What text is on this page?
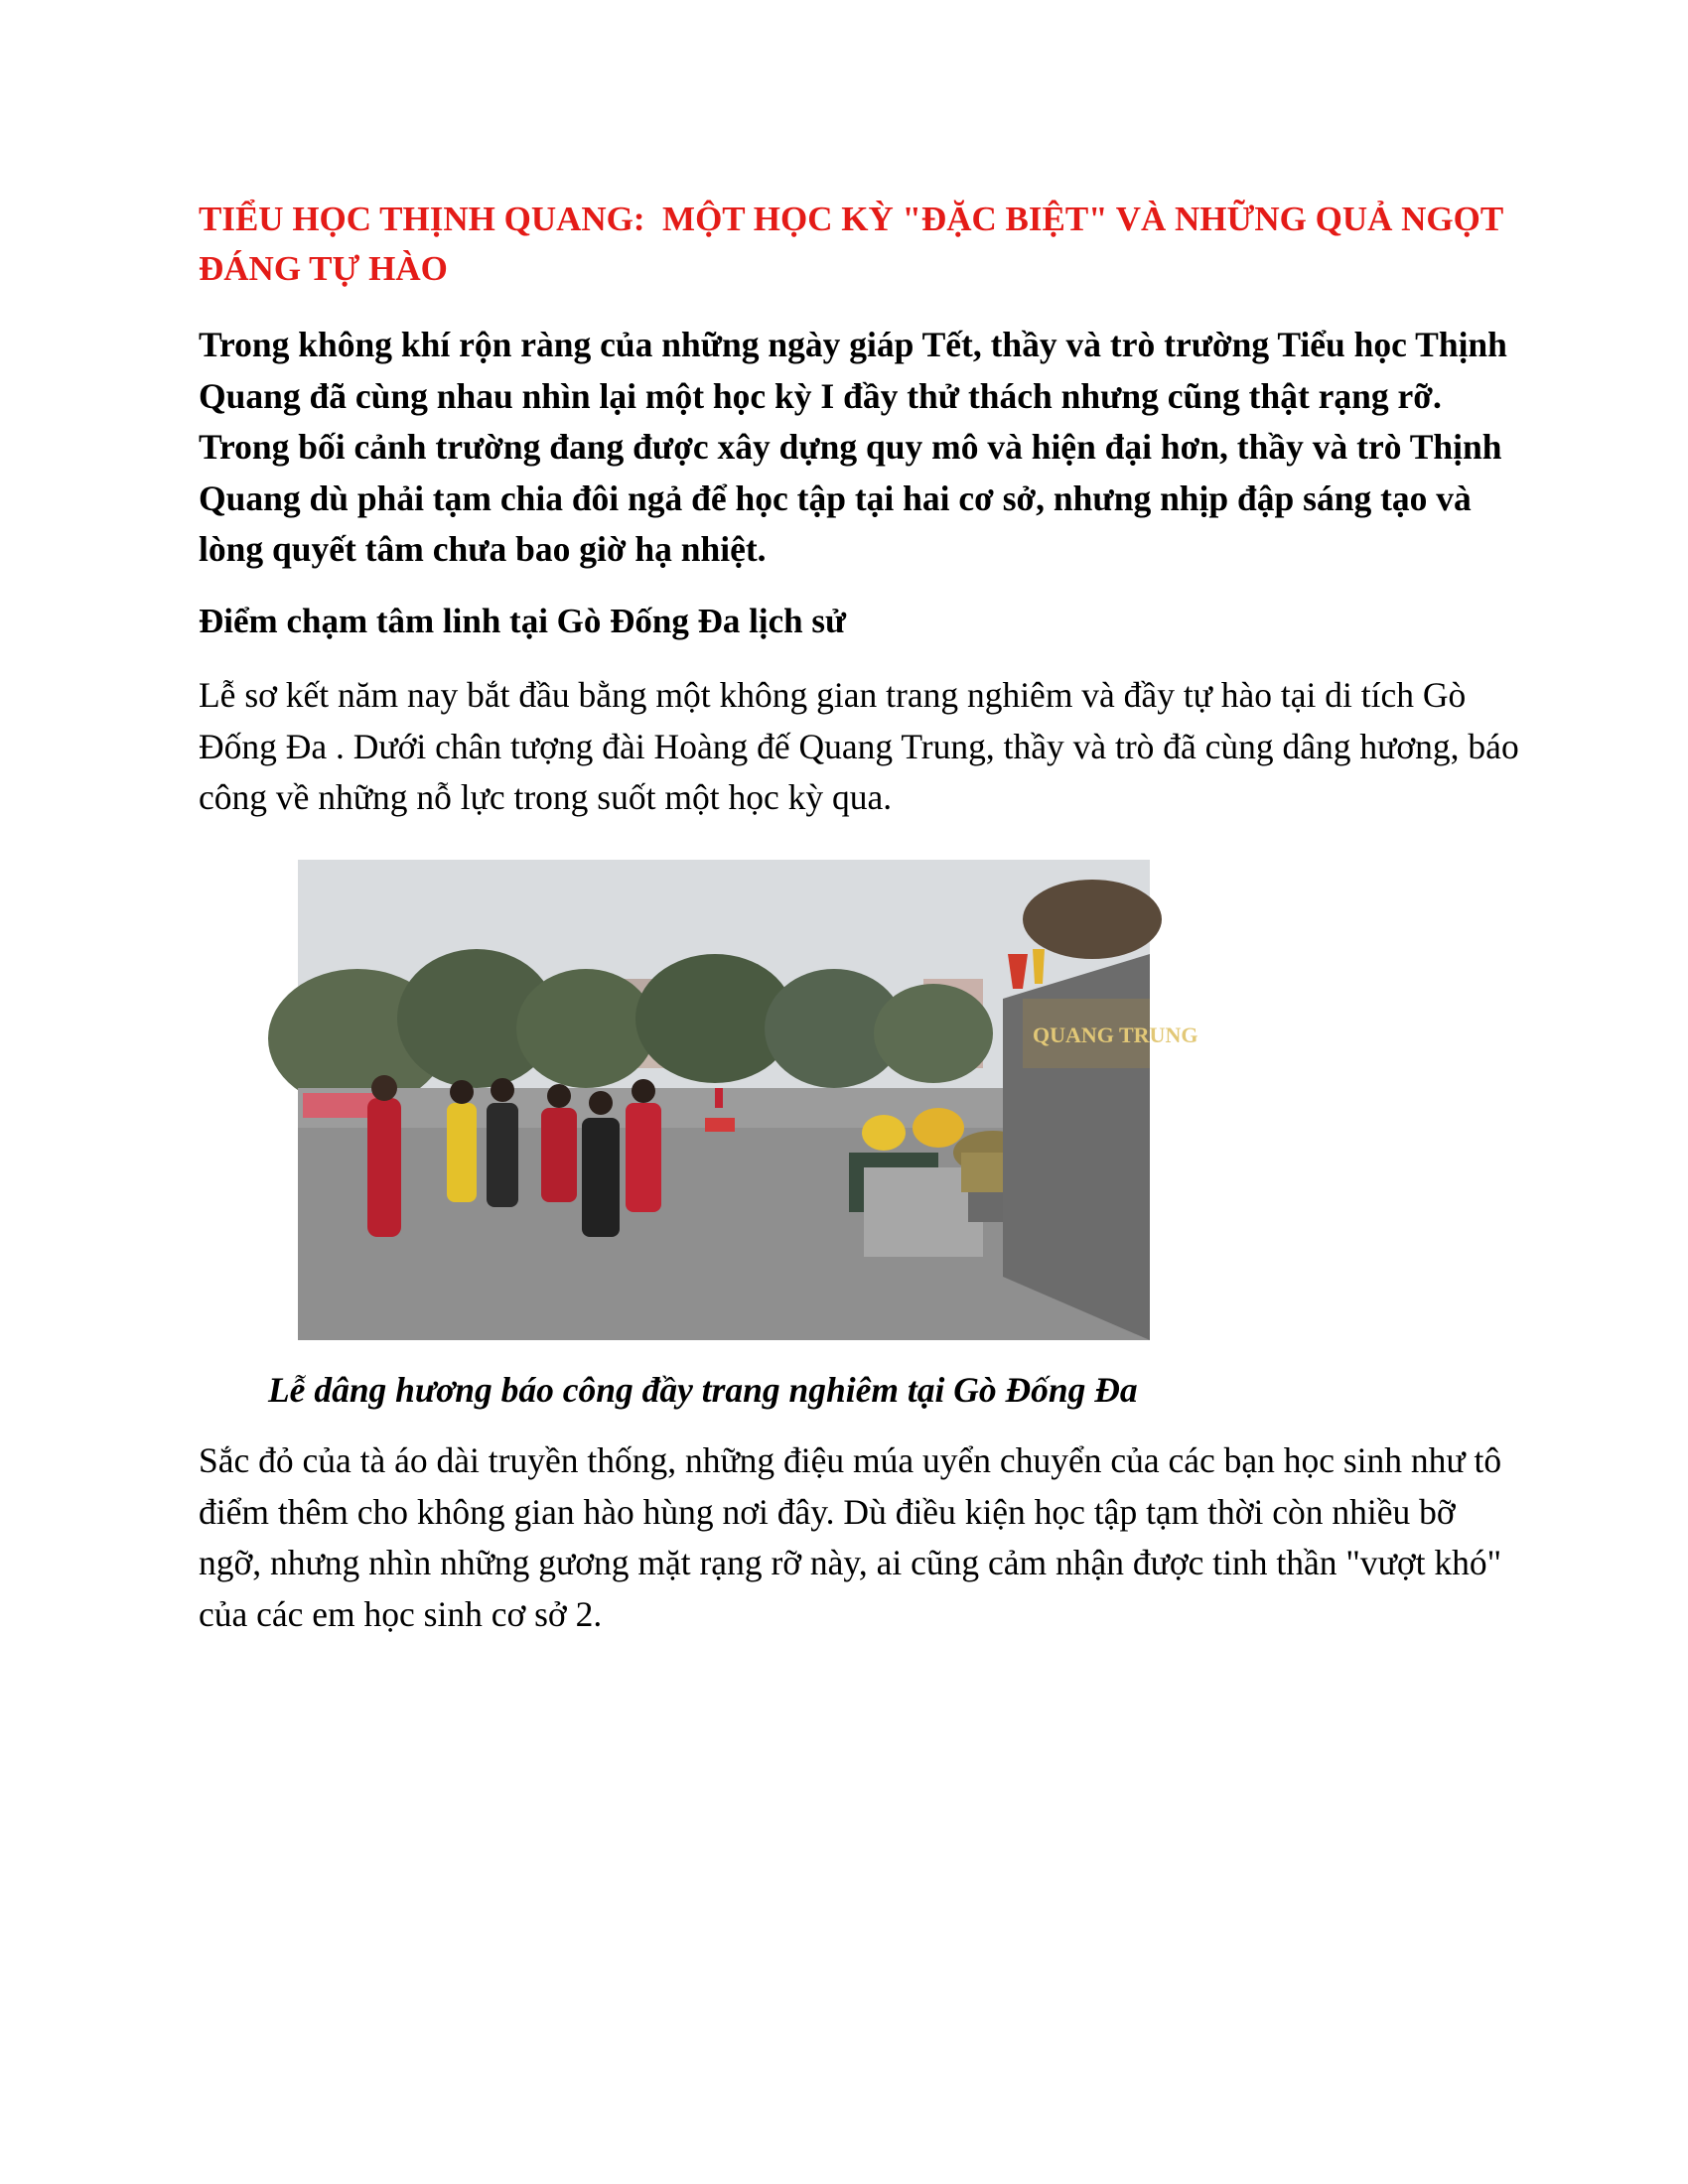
TIỂU HỌC THỊNH QUANG:  MỘT HỌC KỲ "ĐẶC BIỆT" VÀ NHỮNG QUẢ NGỌT ĐÁNG TỰ HÀO

Trong không khí rộn ràng của những ngày giáp Tết, thầy và trò trường Tiểu học Thịnh Quang đã cùng nhau nhìn lại một học kỳ I đầy thử thách nhưng cũng thật rạng rỡ. Trong bối cảnh trường đang được xây dựng quy mô và hiện đại hơn, thầy và trò Thịnh Quang dù phải tạm chia đôi ngả để học tập tại hai cơ sở, nhưng nhịp đập sáng tạo và lòng quyết tâm chưa bao giờ hạ nhiệt.

Điểm chạm tâm linh tại Gò Đống Đa lịch sử

Lễ sơ kết năm nay bắt đầu bằng một không gian trang nghiêm và đầy tự hào tại di tích Gò Đống Đa . Dưới chân tượng đài Hoàng đế Quang Trung, thầy và trò đã cùng dâng hương, báo công về những nỗ lực trong suốt một học kỳ qua.

QUANG TRUNG

Lễ dâng hương báo công đầy trang nghiêm tại Gò Đống Đa

Sắc đỏ của tà áo dài truyền thống, những điệu múa uyển chuyển của các bạn học sinh như tô điểm thêm cho không gian hào hùng nơi đây. Dù điều kiện học tập tạm thời còn nhiều bỡ ngỡ, nhưng nhìn những gương mặt rạng rỡ này, ai cũng cảm nhận được tinh thần "vượt khó" của các em học sinh cơ sở 2.
